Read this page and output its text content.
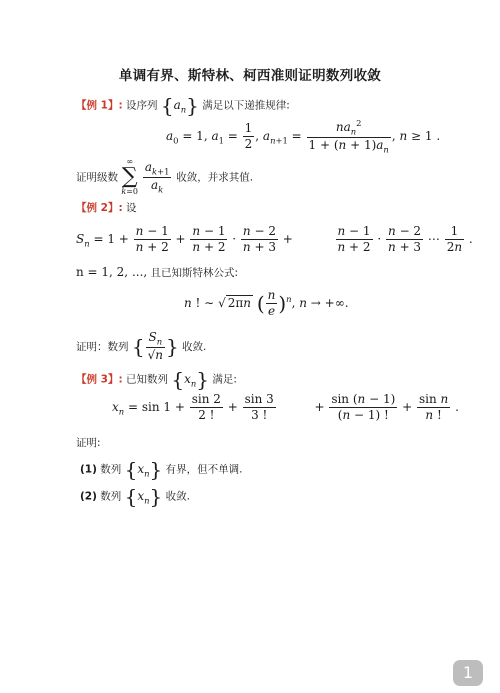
单调有界、斯特林、柯西准则证明数列收敛
【例 1】: 设序列 $\{a_n\}$ 满足以下递推规律:
$a_0 = 1$, $a_1 = \frac{1}{2}$ , $a_{n+1} = \frac{na_n^2}{1 + (n + 1)a_n}$ , n ≥ 1 .
证明级数
∞
∑
k=0
$\frac{a_{k+1}}{a_k}$ 收敛，并求其值.
【例 2】: 设
$S_n = 1 + \frac{n - 1}{n + 2} + \frac{n - 1}{n + 2} \cdot \frac{n - 2}{n + 3}$ +	$\frac{n - 1}{n + 2} \cdot \frac{n - 2}{n + 3}$ ⋯ $\frac{1}{2n}$ .
n = 1, 2, ..., 且已知斯特林公式:
n ! ∼ √ 2πn ( $\frac{n}{e} )^n$, n → +∞.
证明：数列 { $\frac{S_n}{√n}$ } 收敛.
【例 3】: 已知数列 $\{x_n\}$ 满足:
$x_n = \sin 1 + \frac{\sin 2}{2 !} + \frac{\sin 3}{3 !}$	+ $\frac{\sin (n - 1)}{(n - 1) !} + \frac{\text{sin n}}{n !}$ .
证明:
(1) 数列 $\{x_n\}$ 有界，但不单调.
(2) 数列 $\{x_n\}$ 收敛.
1
